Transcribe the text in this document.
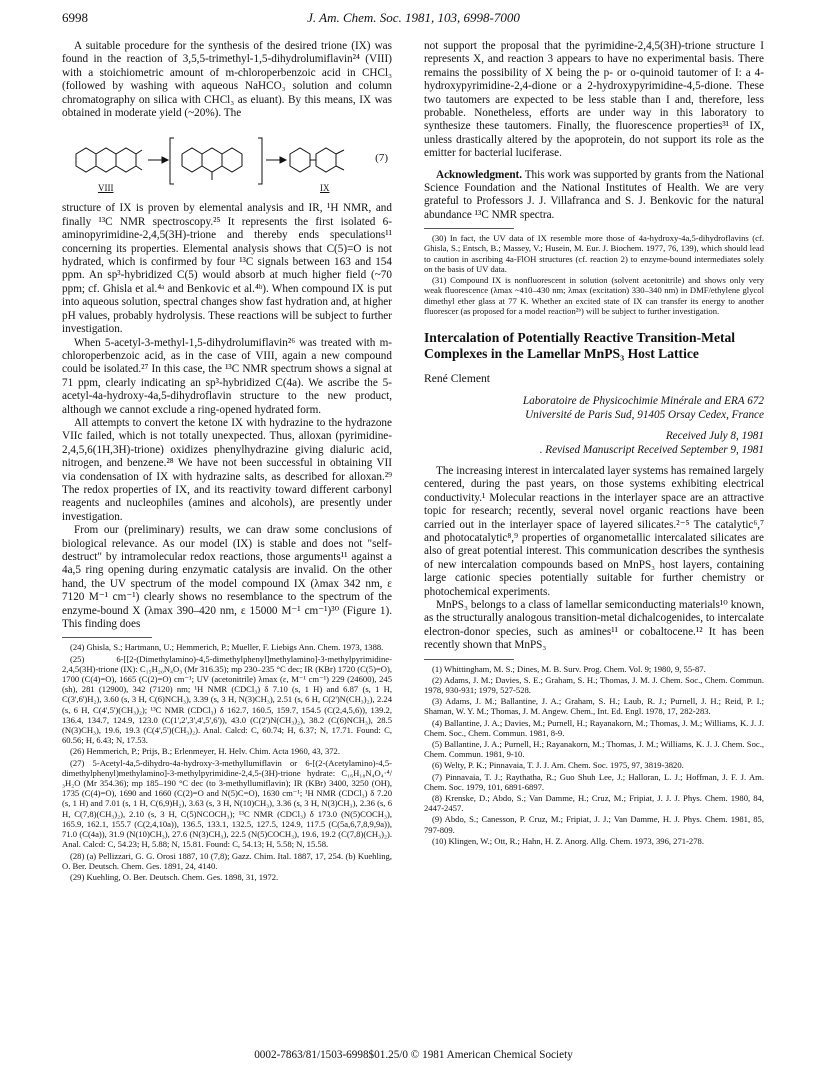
6998	J. Am. Chem. Soc. 1981, 103, 6998-7000

A suitable procedure for the synthesis of the desired trione (IX) was found in the reaction of 3,5,5-trimethyl-1,5-dihydrolumiflavin²⁴ (VIII) with a stoichiometric amount of m-chloroperbenzoic acid in CHCl₃ (followed by washing with aqueous NaHCO₃ solution and column chromatography on silica with CHCl₃ as eluant). By this means, IX was obtained in moderate yield (~20%). The

(7)
VIII	IX

structure of IX is proven by elemental analysis and IR, ¹H NMR, and finally ¹³C NMR spectroscopy.²⁵ It represents the first isolated 6-aminopyrimidine-2,4,5(3H)-trione and thereby ends speculations¹¹ concerning its properties. Elemental analysis shows that C(5)=O is not hydrated, which is confirmed by four ¹³C signals between 163 and 154 ppm. An sp³-hybridized C(5) would absorb at much higher field (~70 ppm; cf. Ghisla et al.⁴ᵃ and Benkovic et al.⁴ᵇ). When compound IX is put into aqueous solution, spectral changes show fast hydration and, at higher pH values, probably hydrolysis. These reactions will be subject to further investigation.

When 5-acetyl-3-methyl-1,5-dihydrolumiflavin²⁶ was treated with m-chloroperbenzoic acid, as in the case of VIII, again a new compound could be isolated.²⁷ In this case, the ¹³C NMR spectrum shows a signal at 71 ppm, clearly indicating an sp³-hybridized C(4a). We ascribe the 5-acetyl-4a-hydroxy-4a,5-dihydroflavin structure to the new product, although we cannot exclude a ring-opened hydrated form.

All attempts to convert the ketone IX with hydrazine to the hydrazone VIIc failed, which is not totally unexpected. Thus, alloxan (pyrimidine-2,4,5,6(1H,3H)-trione) oxidizes phenylhydrazine giving dialuric acid, nitrogen, and benzene.²⁸ We have not been successful in obtaining VII via condensation of IX with hydrazine salts, as described for alloxan.²⁹ The redox properties of IX, and its reactivity toward different carbonyl reagents and nucleophiles (amines and alcohols), are presently under investigation.

From our (preliminary) results, we can draw some conclusions of biological relevance. As our model (IX) is stable and does not "self-destruct" by intramolecular redox reactions, those arguments¹¹ against a 4a,5 ring opening during enzymatic catalysis are invalid. On the other hand, the UV spectrum of the model compound IX (λmax 342 nm, ε 7120 M⁻¹ cm⁻¹) clearly shows no resemblance to the spectrum of the enzyme-bound X (λmax 390–420 nm, ε 15000 M⁻¹ cm⁻¹)³⁰ (Figure 1). This finding does

(24) Ghisla, S.; Hartmann, U.; Hemmerich, P.; Mueller, F. Liebigs Ann. Chem. 1973, 1388.
(25) 6-[[2-(Dimethylamino)-4,5-dimethylphenyl]methylamino]-3-methylpyrimidine-2,4,5(3H)-trione (IX): C₁₅H₂₀N₄O₃ (Mr 316.35); mp 230–235 °C dec; IR (KBr) 1720 (C(5)=O), 1700 (C(4)=O), 1665 (C(2)=O) cm⁻¹; UV (acetonitrile) λmax (ε, M⁻¹ cm⁻¹) 229 (24600), 245 (sh), 281 (12900), 342 (7120) nm; ¹H NMR (CDCl₃) δ 7.10 (s, 1 H) and 6.87 (s, 1 H, C(3',6')H₂), 3.60 (s, 3 H, C(6)NCH₃), 3.39 (s, 3 H, N(3)CH₃), 2.51 (s, 6 H, C(2')N(CH₃)₂), 2.24 (s, 6 H, C(4',5')(CH₃)₂); ¹³C NMR (CDCl₃) δ 162.7, 160.5, 159.7, 154.5 (C(2,4,5,6)), 139.2, 136.4, 134.7, 124.9, 123.0 (C(1',2',3',4',5',6')), 43.0 (C(2')N(CH₃)₂), 38.2 (C(6)NCH₃), 28.5 (N(3)CH₃), 19.6, 19.3 (C(4',5')(CH₃)₂). Anal. Calcd: C, 60.74; H, 6.37; N, 17.71. Found: C, 60.56; H, 6.43; N, 17.53.
(26) Hemmerich, P.; Prijs, B.; Erlenmeyer, H. Helv. Chim. Acta 1960, 43, 372.
(27) 5-Acetyl-4a,5-dihydro-4a-hydroxy-3-methyllumiflavin or 6-[(2-(Acetylamino)-4,5-dimethylphenyl)methylamino]-3-methylpyrimidine-2,4,5-(3H)-trione hydrate: C₁₆H₁₈N₄O₄·⁴/₃H₂O (Mr 354.36); mp 185–190 °C dec (to 3-methyllumiflavin); IR (KBr) 3400, 3250 (OH), 1735 (C(4)=O), 1690 and 1660 (C(2)=O and N(5)C=O), 1630 cm⁻¹; ¹H NMR (CDCl₃) δ 7.20 (s, 1 H) and 7.01 (s, 1 H, C(6,9)H₂), 3.63 (s, 3 H, N(10)CH₃), 3.36 (s, 3 H, N(3)CH₃), 2.36 (s, 6 H, C(7,8)(CH₃)₂), 2.10 (s, 3 H, C(5)NCOCH₃); ¹³C NMR (CDCl₃) δ 173.0 (N(5)COCH₃), 165.9, 162.1, 155.7 (C(2,4,10a)), 136.5, 133.1, 132.5, 127.5, 124.9, 117.5 (C(5a,6,7,8,9,9a)), 71.0 (C(4a)), 31.9 (N(10)CH₃), 27.6 (N(3)CH₃), 22.5 (N(5)COCH₃), 19.6, 19.2 (C(7,8)(CH₃)₂). Anal. Calcd: C, 54.23; H, 5.88; N, 15.81. Found: C, 54.13; H, 5.58; N, 15.58.
(28) (a) Pellizzari, G. G. Orosi 1887, 10 (7,8); Gazz. Chim. Ital. 1887, 17, 254. (b) Kuehling, O. Ber. Deutsch. Chem. Ges. 1891, 24, 4140.
(29) Kuehling, O. Ber. Deutsch. Chem. Ges. 1898, 31, 1972.

not support the proposal that the pyrimidine-2,4,5(3H)-trione structure I represents X, and reaction 3 appears to have no experimental basis. There remains the possibility of X being the p- or o-quinoid tautomer of I: a 4-hydroxypyrimidine-2,4-dione or a 2-hydroxypyrimidine-4,5-dione. These two tautomers are expected to be less stable than I and, therefore, less probable. Nonetheless, efforts are under way in this laboratory to synthesize these tautomers. Finally, the fluorescence properties³¹ of IX, unless drastically altered by the apoprotein, do not support its role as the emitter for bacterial luciferase.

Acknowledgment. This work was supported by grants from the National Science Foundation and the National Institutes of Health. We are very grateful to Professors J. J. Villafranca and S. J. Benkovic for the natural abundance ¹³C NMR spectra.

(30) In fact, the UV data of IX resemble more those of 4a-hydroxy-4a,5-dihydroflavins (cf. Ghisla, S.; Entsch, B.; Massey, V.; Husein, M. Eur. J. Biochem. 1977, 76, 139), which should lead to caution in ascribing 4a-FlOH structures (cf. reaction 2) to enzyme-bound intermediates solely on the basis of UV data.
(31) Compound IX is nonfluorescent in solution (solvent acetonitrile) and shows only very weak fluorescence (λmax ~410–430 nm; λmax (excitation) 330–340 nm) in DMF/ethylene glycol dimethyl ether glass at 77 K. Whether an excited state of IX can transfer its energy to another fluorescer (as proposed for a model reaction²ᵇ) will be subject to further investigation.
Intercalation of Potentially Reactive Transition-Metal Complexes in the Lamellar MnPS₃ Host Lattice
René Clement
Laboratoire de Physicochimie Minérale and ERA 672
Université de Paris Sud, 91405 Orsay Cedex, France
Received July 8, 1981
. Revised Manuscript Received September 9, 1981

The increasing interest in intercalated layer systems has remained largely centered, during the past years, on those systems exhibiting electrical conductivity.¹ Molecular reactions in the interlayer space are an attractive topic for research; recently, several novel organic reactions have been carried out in the interlayer space of layered silicates.²⁻⁵ The catalytic⁶,⁷ and photocatalytic⁸,⁹ properties of organometallic intercalated silicates are also of great potential interest. This communication describes the synthesis of new intercalation compounds based on MnPS₃ host layers, containing large cationic species potentially suitable for further chemistry or photochemical experiments.

MnPS₃ belongs to a class of lamellar semiconducting materials¹⁰ known, as the structurally analogous transition-metal dichalcogenides, to intercalate electron-donor species, such as amines¹¹ or cobaltocene.¹² It has been recently shown that MnPS₃

(1) Whittingham, M. S.; Dines, M. B. Surv. Prog. Chem. Vol. 9; 1980, 9, 55-87.
(2) Adams, J. M.; Davies, S. E.; Graham, S. H.; Thomas, J. M. J. Chem. Soc., Chem. Commun. 1978, 930-931; 1979, 527-528.
(3) Adams, J. M.; Ballantine, J. A.; Graham, S. H.; Laub, R. J.; Purnell, J. H.; Reid, P. I.; Shaman, W. Y. M.; Thomas, J. M. Angew. Chem., Int. Ed. Engl. 1978, 17, 282-283.
(4) Ballantine, J. A.; Davies, M.; Purnell, H.; Rayanakorn, M.; Thomas, J. M.; Williams, K. J. J. Chem. Soc., Chem. Commun. 1981, 8-9.
(5) Ballantine, J. A.; Purnell, H.; Rayanakorn, M.; Thomas, J. M.; Williams, K. J. J. Chem. Soc., Chem. Commun. 1981, 9-10.
(6) Welty, P. K.; Pinnavaia, T. J. J. Am. Chem. Soc. 1975, 97, 3819-3820.
(7) Pinnavaia, T. J.; Raythatha, R.; Guo Shuh Lee, J.; Halloran, L. J.; Hoffman, J. F. J. Am. Chem. Soc. 1979, 101, 6891-6897.
(8) Krenske, D.; Abdo, S.; Van Damme, H.; Cruz, M.; Fripiat, J. J. J. Phys. Chem. 1980, 84, 2447-2457.
(9) Abdo, S.; Canesson, P. Cruz, M.; Fripiat, J. J.; Van Damme, H. J. Phys. Chem. 1981, 85, 797-809.
(10) Klingen, W.; Ott, R.; Hahn, H. Z. Anorg. Allg. Chem. 1973, 396, 271-278.
0002-7863/81/1503-6998$01.25/0 © 1981 American Chemical Society
